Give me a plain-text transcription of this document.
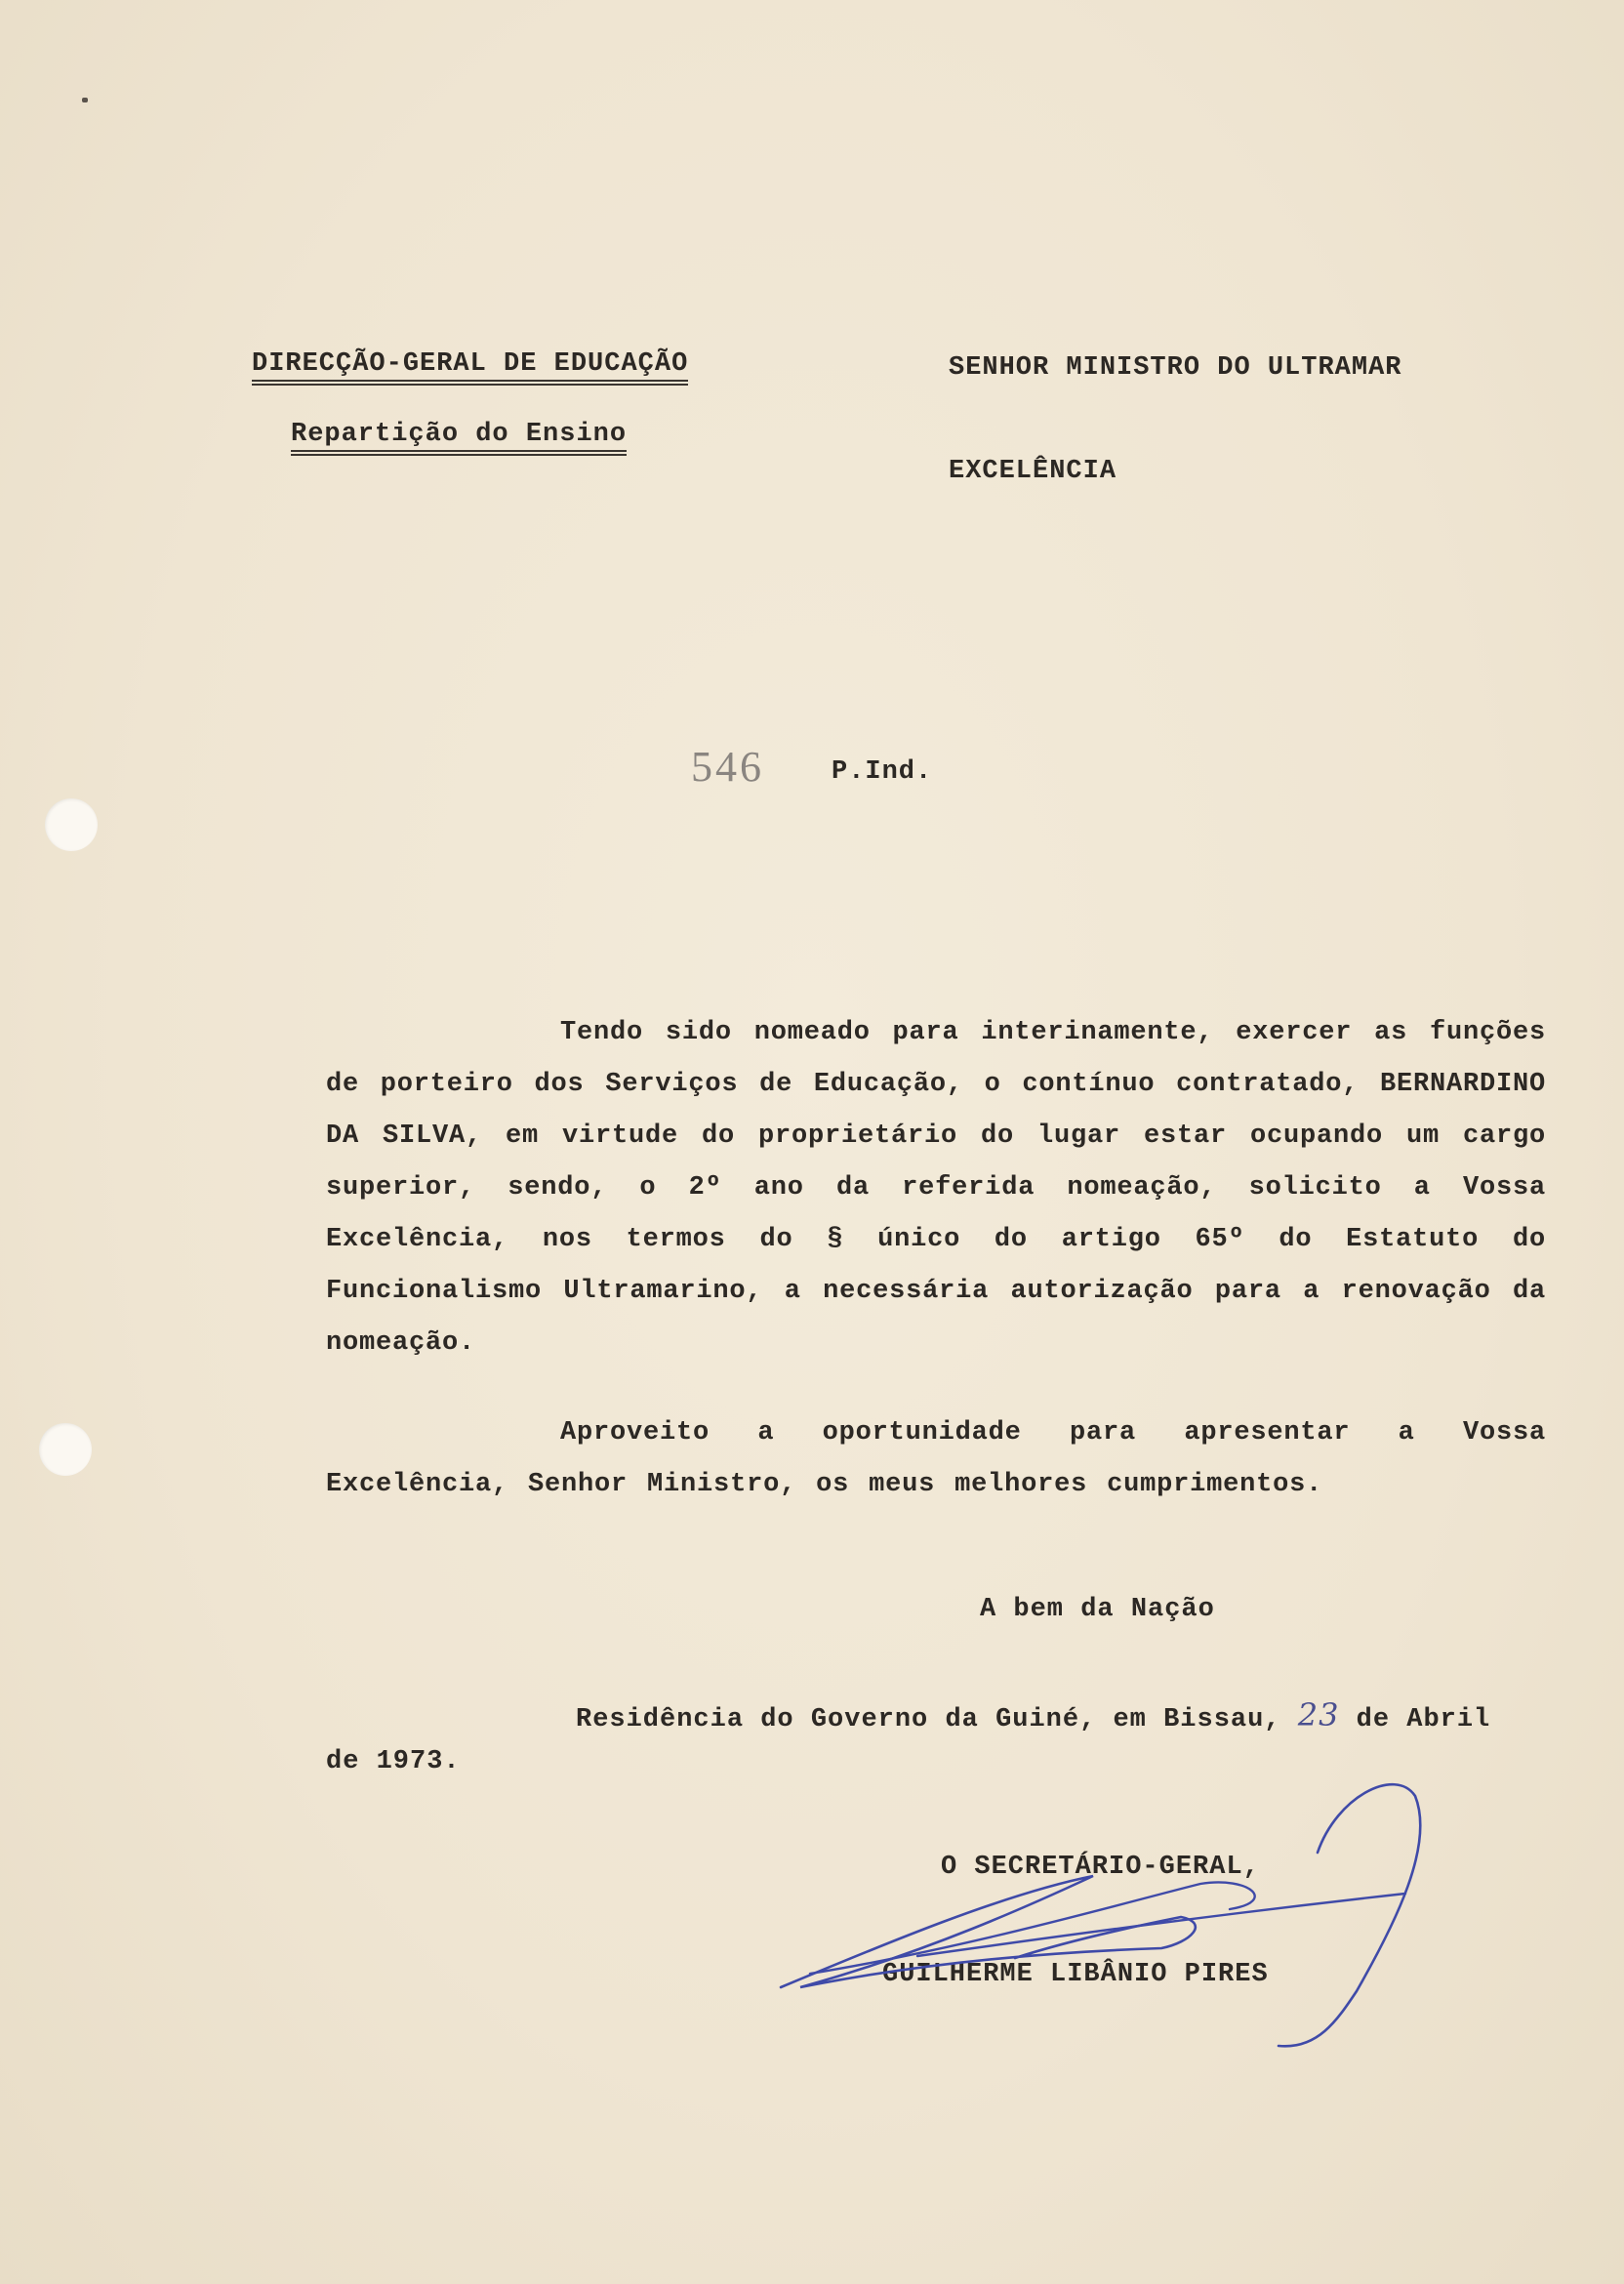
DIRECÇÃO-GERAL DE EDUCAÇÃO
Repartição do Ensino
SENHOR MINISTRO DO ULTRAMAR
EXCELÊNCIA
546	P.Ind.
Tendo sido nomeado para interinamente, exercer as funções de porteiro dos Serviços de Educação, o contínuo contratado, BERNARDINO DA SILVA, em virtude do proprietário do lugar estar ocupando um cargo superior, sendo, o 2º ano da referida nomeação, solicito a Vossa Excelência, nos termos do § único do artigo 65º do Estatuto do Funcionalismo Ultramarino, a necessária autorização para a renovação da nomeação.
Aproveito a oportunidade para apresentar a Vossa Excelência, Senhor Ministro, os meus melhores cumprimentos.
A bem da Nação
Residência do Governo da Guiné, em Bissau, 23 de Abril
de 1973.
O SECRETÁRIO-GERAL,
GUILHERME LIBÂNIO PIRES
